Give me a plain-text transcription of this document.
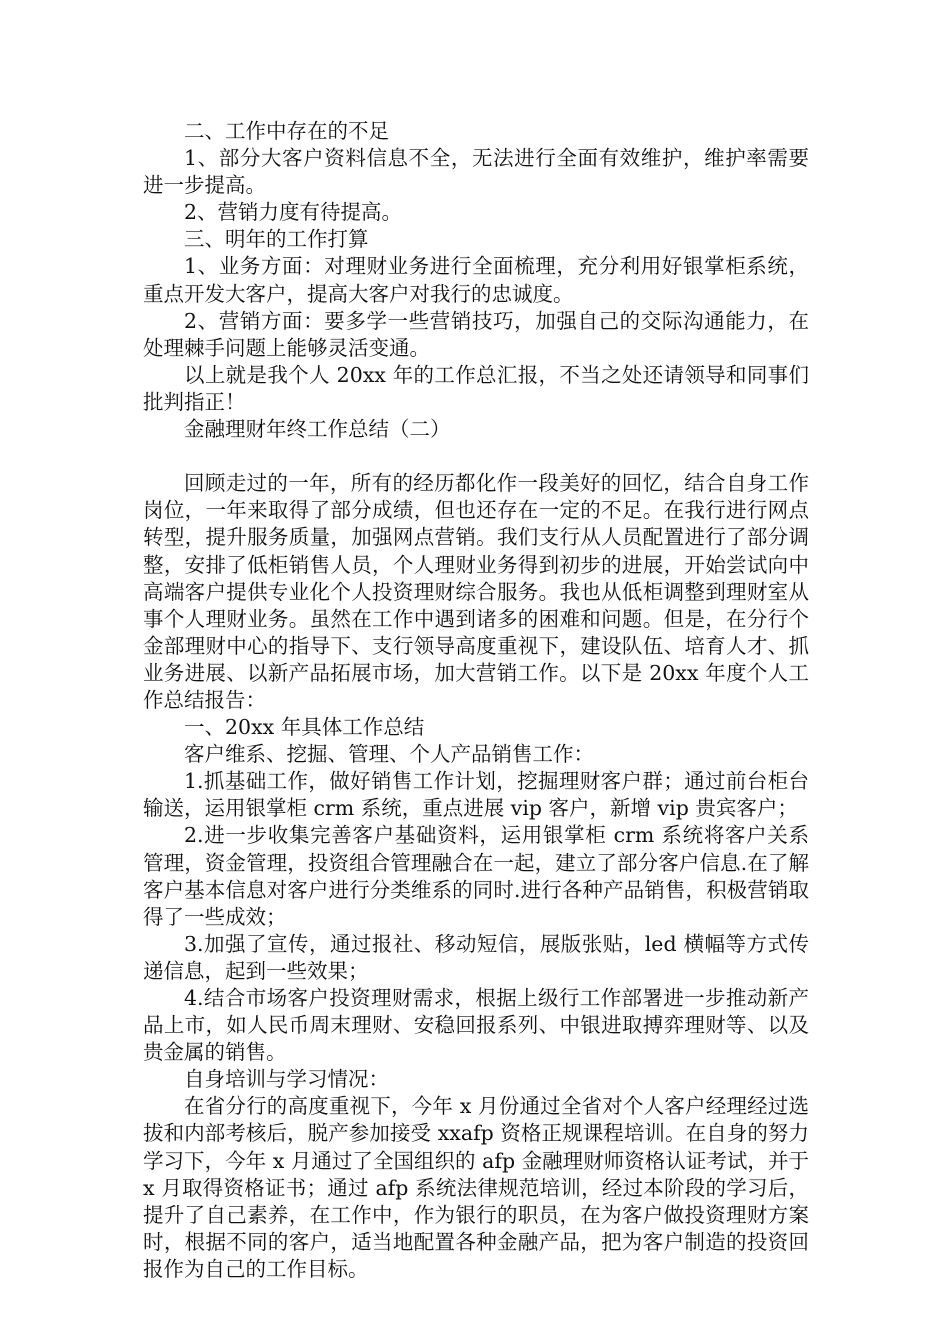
二、工作中存在的不足

1、部分大客户资料信息不全，无法进行全面有效维护，维护率需要进一步提高。

2、营销力度有待提高。

三、明年的工作打算

1、业务方面：对理财业务进行全面梳理，充分利用好银掌柜系统，重点开发大客户，提高大客户对我行的忠诚度。

2、营销方面：要多学一些营销技巧，加强自己的交际沟通能力，在处理棘手问题上能够灵活变通。

以上就是我个人 20xx 年的工作总汇报，不当之处还请领导和同事们批判指正！

金融理财年终工作总结（二）

回顾走过的一年，所有的经历都化作一段美好的回忆，结合自身工作岗位，一年来取得了部分成绩，但也还存在一定的不足。在我行进行网点转型，提升服务质量，加强网点营销。我们支行从人员配置进行了部分调整，安排了低柜销售人员，个人理财业务得到初步的进展，开始尝试向中高端客户提供专业化个人投资理财综合服务。我也从低柜调整到理财室从事个人理财业务。虽然在工作中遇到诸多的困难和问题。但是，在分行个金部理财中心的指导下、支行领导高度重视下，建设队伍、培育人才、抓业务进展、以新产品拓展市场，加大营销工作。以下是 20xx 年度个人工作总结报告：

一、20xx 年具体工作总结

客户维系、挖掘、管理、个人产品销售工作：

1.抓基础工作，做好销售工作计划，挖掘理财客户群；通过前台柜台输送，运用银掌柜 crm 系统，重点进展 vip 客户，新增 vip 贵宾客户；

2.进一步收集完善客户基础资料，运用银掌柜 crm 系统将客户关系管理，资金管理，投资组合管理融合在一起，建立了部分客户信息.在了解客户基本信息对客户进行分类维系的同时.进行各种产品销售，积极营销取得了一些成效；

3.加强了宣传，通过报社、移动短信，展版张贴，led 横幅等方式传递信息，起到一些效果；

4.结合市场客户投资理财需求，根据上级行工作部署进一步推动新产品上市，如人民币周末理财、安稳回报系列、中银进取搏弈理财等、以及贵金属的销售。

自身培训与学习情况：

在省分行的高度重视下，今年 x 月份通过全省对个人客户经理经过选拔和内部考核后，脱产参加接受 xxafp 资格正规课程培训。在自身的努力学习下，今年 x 月通过了全国组织的 afp 金融理财师资格认证考试，并于 x 月取得资格证书；通过 afp 系统法律规范培训，经过本阶段的学习后，提升了自己素养，在工作中，作为银行的职员，在为客户做投资理财方案时，根据不同的客户，适当地配置各种金融产品，把为客户制造的投资回报作为自己的工作目标。
